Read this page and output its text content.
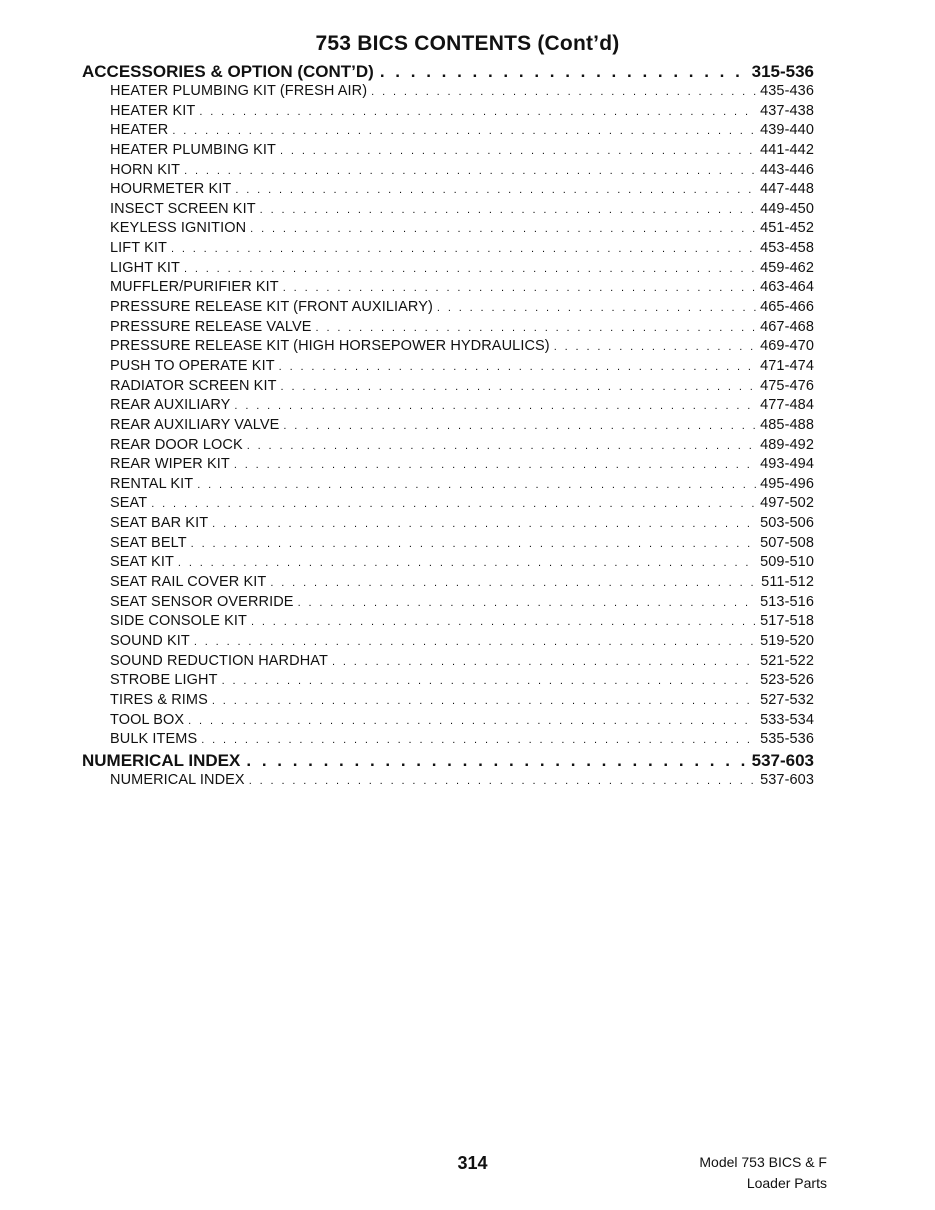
753 BICS CONTENTS (Cont’d)
ACCESSORIES & OPTION (CONT’D) . . .	315-536
HEATER PLUMBING KIT (FRESH AIR) . . .	435-436
HEATER KIT . . .	437-438
HEATER . . .	439-440
HEATER PLUMBING KIT . . .	441-442
HORN KIT . . .	443-446
HOURMETER KIT . . .	447-448
INSECT SCREEN KIT . . .	449-450
KEYLESS IGNITION . . .	451-452
LIFT KIT . . .	453-458
LIGHT KIT . . .	459-462
MUFFLER/PURIFIER KIT . . .	463-464
PRESSURE RELEASE KIT (FRONT AUXILIARY) . . .	465-466
PRESSURE RELEASE VALVE . . .	467-468
PRESSURE RELEASE KIT (HIGH HORSEPOWER HYDRAULICS) . . .	469-470
PUSH TO OPERATE KIT . . .	471-474
RADIATOR SCREEN KIT . . .	475-476
REAR AUXILIARY . . .	477-484
REAR AUXILIARY VALVE . . .	485-488
REAR DOOR LOCK . . .	489-492
REAR WIPER KIT . . .	493-494
RENTAL KIT . . .	495-496
SEAT . . .	497-502
SEAT BAR KIT . . .	503-506
SEAT BELT . . .	507-508
SEAT KIT . . .	509-510
SEAT RAIL COVER KIT . . .	511-512
SEAT SENSOR OVERRIDE . . .	513-516
SIDE CONSOLE KIT . . .	517-518
SOUND KIT . . .	519-520
SOUND REDUCTION HARDHAT . . .	521-522
STROBE LIGHT . . .	523-526
TIRES & RIMS . . .	527-532
TOOL BOX . . .	533-534
BULK ITEMS . . .	535-536
NUMERICAL INDEX . . .	537-603
NUMERICAL INDEX . . .	537-603
314	Model 753 BICS & F
Loader Parts
